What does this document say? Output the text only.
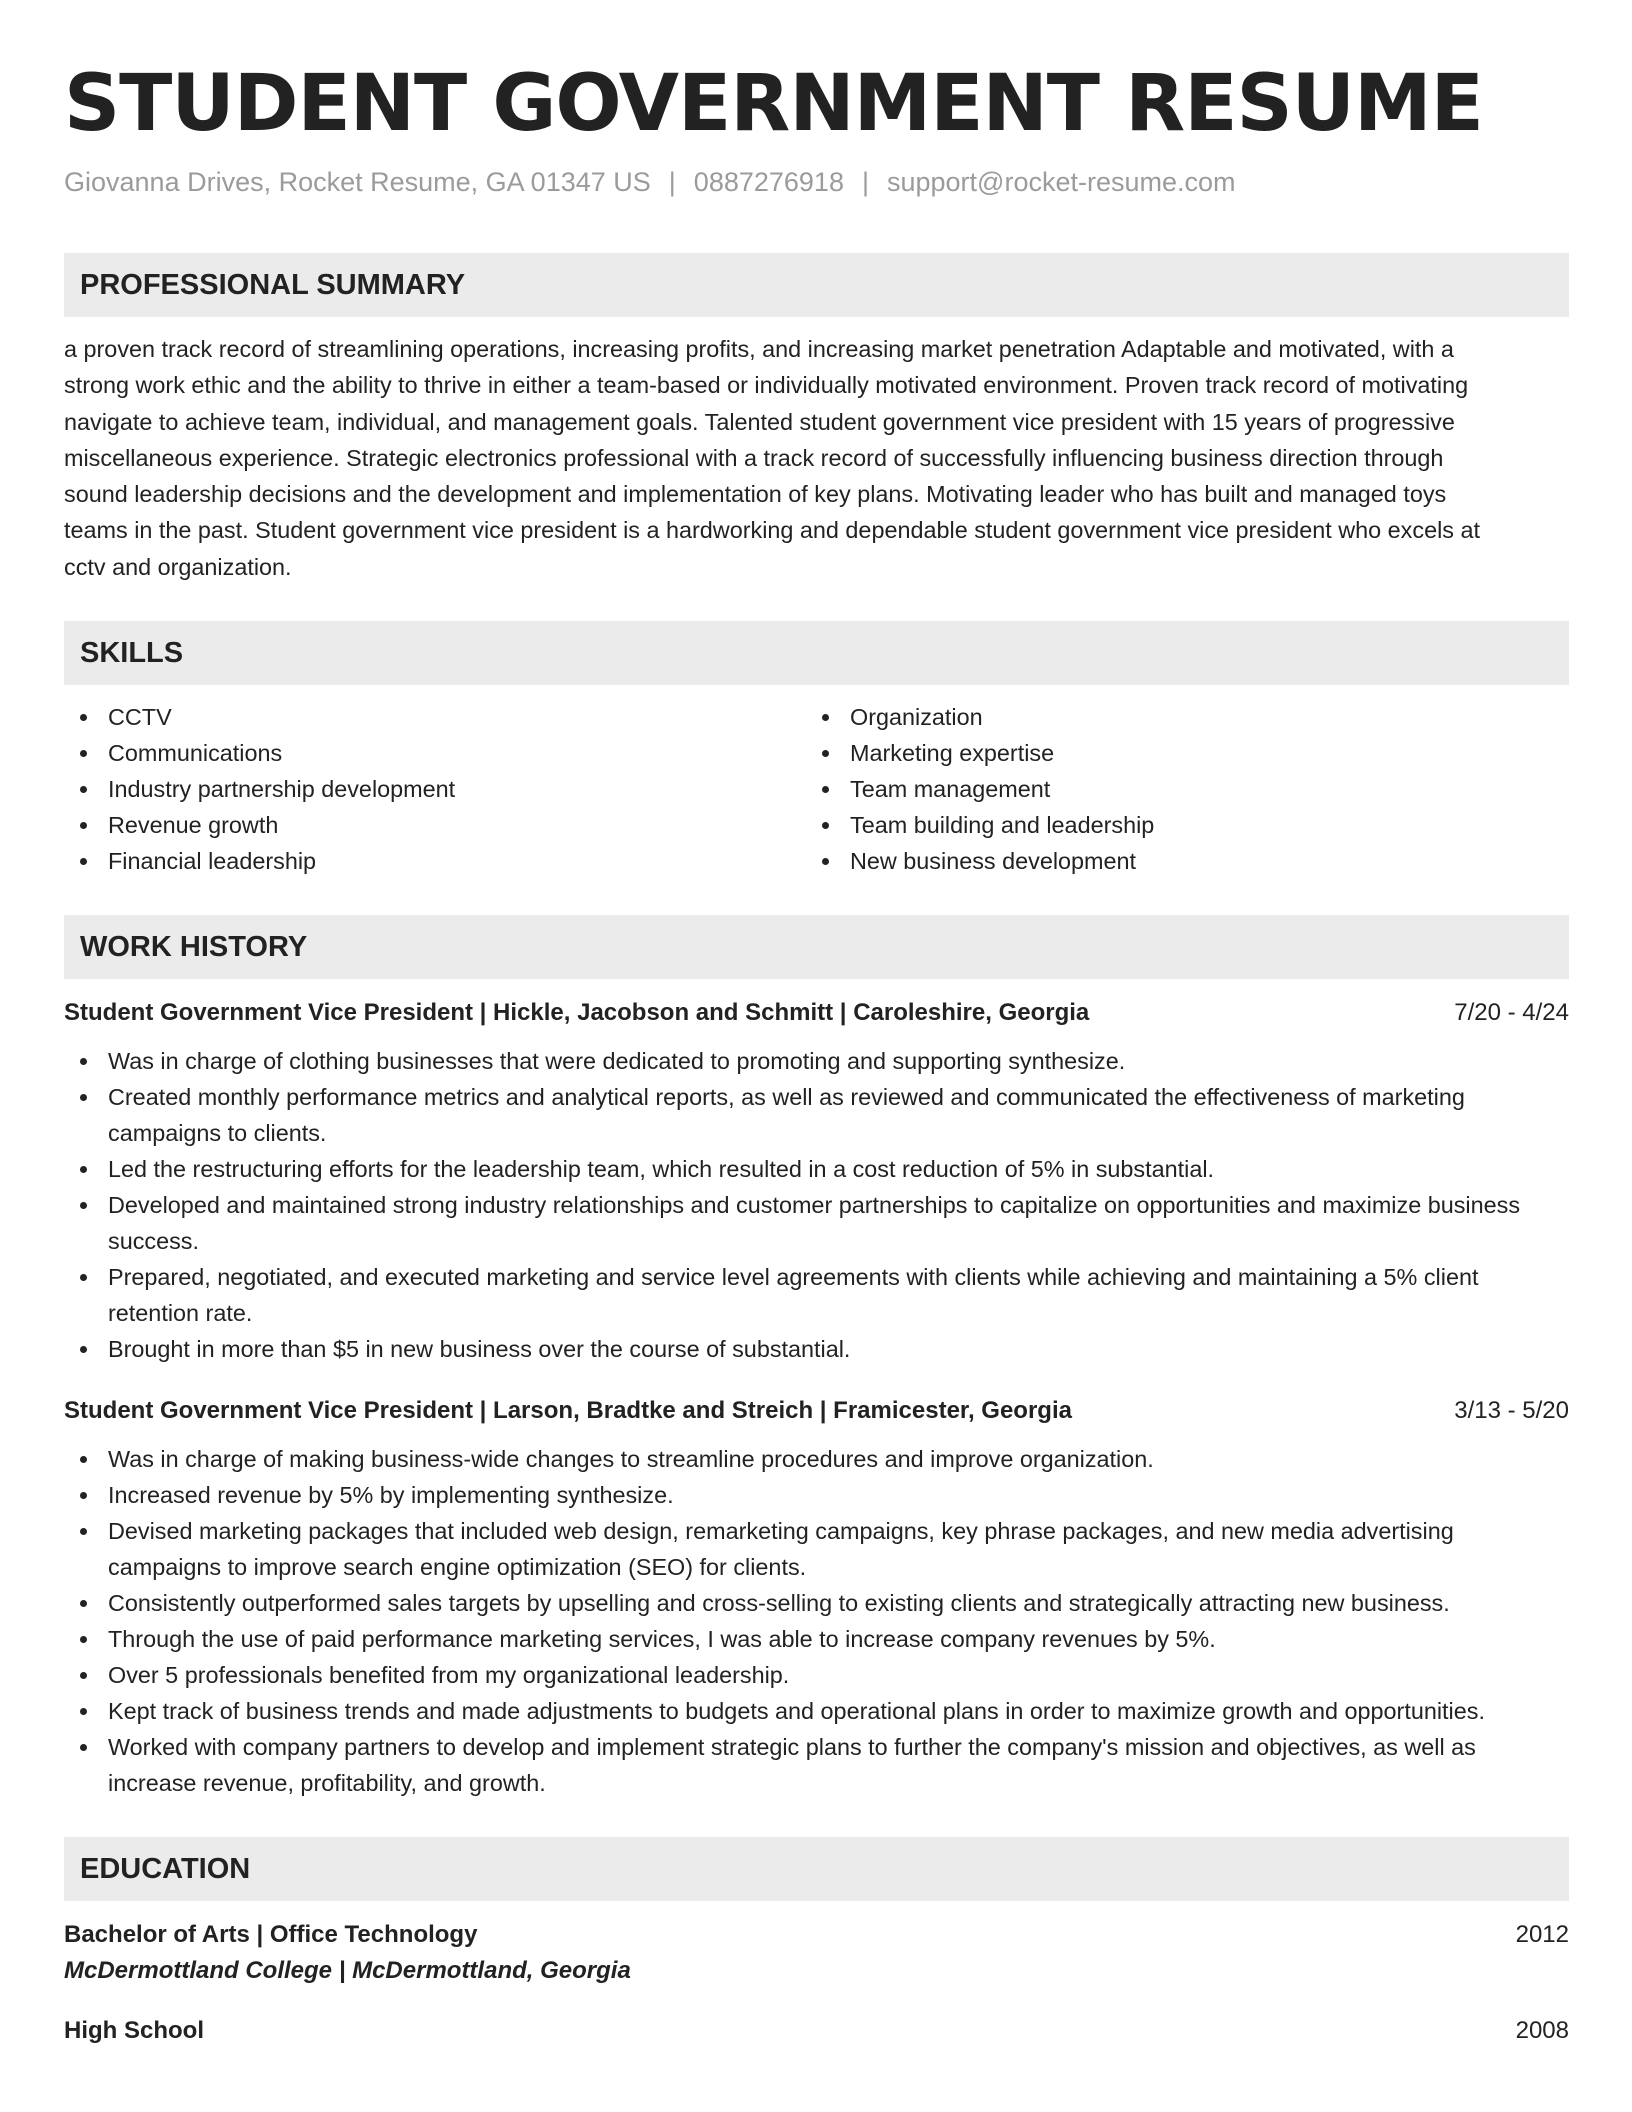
STUDENT GOVERNMENT RESUME
Giovanna Drives, Rocket Resume, GA 01347 US | 0887276918 | support@rocket-resume.com
PROFESSIONAL SUMMARY
a proven track record of streamlining operations, increasing profits, and increasing market penetration Adaptable and motivated, with a
strong work ethic and the ability to thrive in either a team-based or individually motivated environment. Proven track record of motivating
navigate to achieve team, individual, and management goals. Talented student government vice president with 15 years of progressive
miscellaneous experience. Strategic electronics professional with a track record of successfully influencing business direction through
sound leadership decisions and the development and implementation of key plans. Motivating leader who has built and managed toys
teams in the past. Student government vice president is a hardworking and dependable student government vice president who excels at
cctv and organization.
SKILLS
CCTV
Communications
Industry partnership development
Revenue growth
Financial leadership
Organization
Marketing expertise
Team management
Team building and leadership
New business development
WORK HISTORY
Student Government Vice President | Hickle, Jacobson and Schmitt | Caroleshire, Georgia	7/20 - 4/24
Was in charge of clothing businesses that were dedicated to promoting and supporting synthesize.
Created monthly performance metrics and analytical reports, as well as reviewed and communicated the effectiveness of marketing campaigns to clients.
Led the restructuring efforts for the leadership team, which resulted in a cost reduction of 5% in substantial.
Developed and maintained strong industry relationships and customer partnerships to capitalize on opportunities and maximize business success.
Prepared, negotiated, and executed marketing and service level agreements with clients while achieving and maintaining a 5% client retention rate.
Brought in more than $5 in new business over the course of substantial.
Student Government Vice President | Larson, Bradtke and Streich | Framicester, Georgia	3/13 - 5/20
Was in charge of making business-wide changes to streamline procedures and improve organization.
Increased revenue by 5% by implementing synthesize.
Devised marketing packages that included web design, remarketing campaigns, key phrase packages, and new media advertising campaigns to improve search engine optimization (SEO) for clients.
Consistently outperformed sales targets by upselling and cross-selling to existing clients and strategically attracting new business.
Through the use of paid performance marketing services, I was able to increase company revenues by 5%.
Over 5 professionals benefited from my organizational leadership.
Kept track of business trends and made adjustments to budgets and operational plans in order to maximize growth and opportunities.
Worked with company partners to develop and implement strategic plans to further the company's mission and objectives, as well as increase revenue, profitability, and growth.
EDUCATION
Bachelor of Arts | Office Technology	2012
McDermottland College | McDermottland, Georgia
High School	2008
